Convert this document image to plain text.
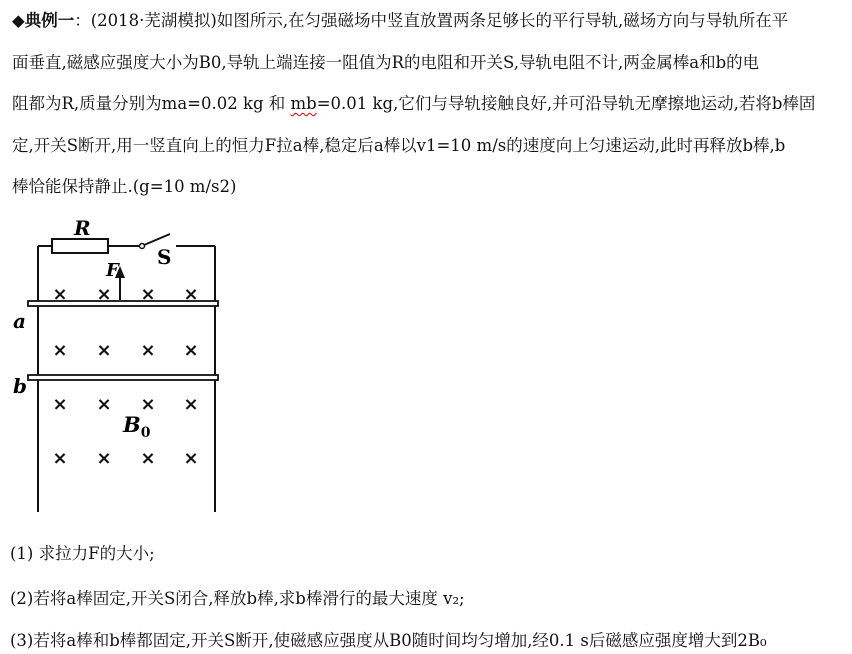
◆典例一：(2018·芜湖模拟)如图所示,在匀强磁场中竖直放置两条足够长的平行导轨,磁场方向与导轨所在平

面垂直,磁感应强度大小为B0,导轨上端连接一阻值为R的电阻和开关S,导轨电阻不计,两金属棒a和b的电

阻都为R,质量分别为ma=0.02 kg 和 mb=0.01 kg,它们与导轨接触良好,并可沿导轨无摩擦地运动,若将b棒固

定,开关S断开,用一竖直向上的恒力F拉a棒,稳定后a棒以v1=10 m/s的速度向上匀速运动,此时再释放b棒,b

棒恰能保持静止.(g=10 m/s2)

R
S
F
a
b
$B_0$
× × × ×
× × × ×
× × × ×
× × × ×
(1) 求拉力F的大小;
(2)若将a棒固定,开关S闭合,释放b棒,求b棒滑行的最大速度 v₂;
(3)若将a棒和b棒都固定,开关S断开,使磁感应强度从B0随时间均匀增加,经0.1 s后磁感应强度增大到2B₀
